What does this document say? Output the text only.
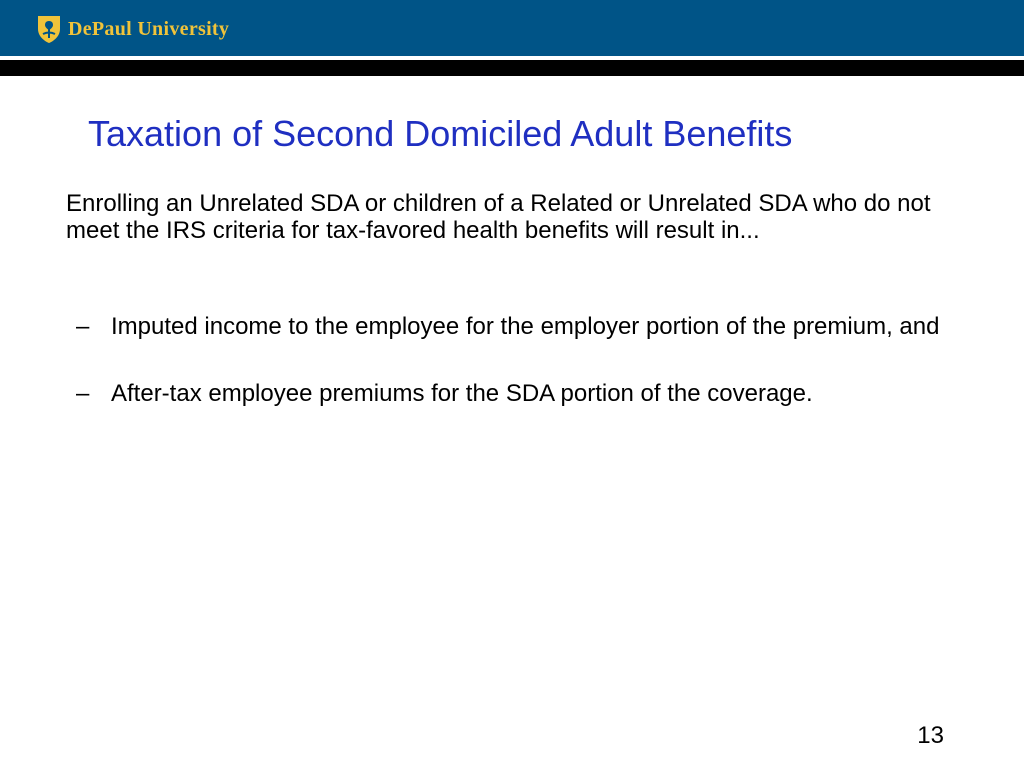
DePaul University
Taxation of Second Domiciled Adult Benefits

Enrolling an Unrelated SDA or children of a Related or Unrelated SDA who do not meet the IRS criteria for tax-favored health benefits will result in...

– Imputed income to the employee for the employer portion of the premium, and
– After-tax employee premiums for the SDA portion of the coverage.
13
